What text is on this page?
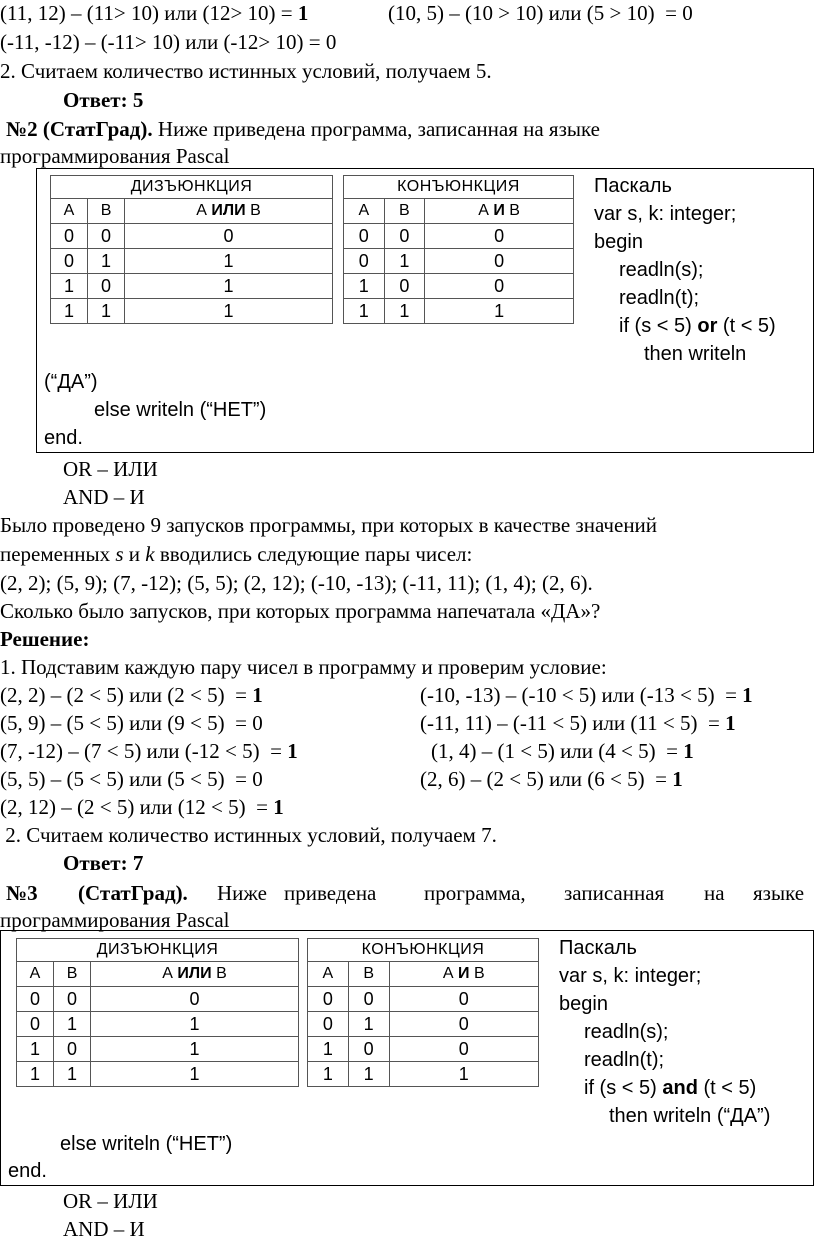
(11, 12) – (11> 10) или (12> 10) = 1	(10, 5) – (10 > 10) или (5 > 10)  = 0
(-11, -12) – (-11> 10) или (-12> 10) = 0
2. Считаем количество истинных условий, получаем 5.
Ответ: 5
№2 (СтатГрад). Ниже приведена программа, записанная на языке
программирования Pascal
ДИЗЪЮНКЦИЯ		
А	В	А ИЛИ В
0	0	0
0	1	1
1	0	1
1	1	1
КОНЪЮНКЦИЯ		
А	В	А И В
0	0	0
0	1	0
1	0	0
1	1	1
Паскаль
var s, k: integer;
begin
readln(s);
readln(t);
if (s < 5) or (t < 5)
then writeln
(“ДА”)
else writeln (“НЕТ”)
end.
OR – ИЛИ
AND – И
Было проведено 9 запусков программы, при которых в качестве значений
переменных s и k вводились следующие пары чисел:
(2, 2); (5, 9); (7, -12); (5, 5); (2, 12); (-10, -13); (-11, 11); (1, 4); (2, 6).
Сколько было запусков, при которых программа напечатала «ДА»?
Решение:
1. Подставим каждую пару чисел в программу и проверим условие:
(2, 2) – (2 < 5) или (2 < 5)  = 1
(5, 9) – (5 < 5) или (9 < 5)  = 0
(7, -12) – (7 < 5) или (-12 < 5)  = 1
(5, 5) – (5 < 5) или (5 < 5)  = 0
(2, 12) – (2 < 5) или (12 < 5)  = 1
(-10, -13) – (-10 < 5) или (-13 < 5)  = 1
(-11, 11) – (-11 < 5) или (11 < 5)  = 1
(1, 4) – (1 < 5) или (4 < 5)  = 1
(2, 6) – (2 < 5) или (6 < 5)  = 1
2. Считаем количество истинных условий, получаем 7.
Ответ: 7
№3 (СтатГрад). Ниже приведена программа, записанная на языке
программирования Pascal
ДИЗЪЮНКЦИЯ		
А	В	А ИЛИ В
0	0	0
0	1	1
1	0	1
1	1	1
КОНЪЮНКЦИЯ		
А	В	А И В
0	0	0
0	1	0
1	0	0
1	1	1
Паскаль
var s, k: integer;
begin
readln(s);
readln(t);
if (s < 5) and (t < 5)
then writeln (“ДА”)
else writeln (“НЕТ”)
end.
OR – ИЛИ
AND – И
